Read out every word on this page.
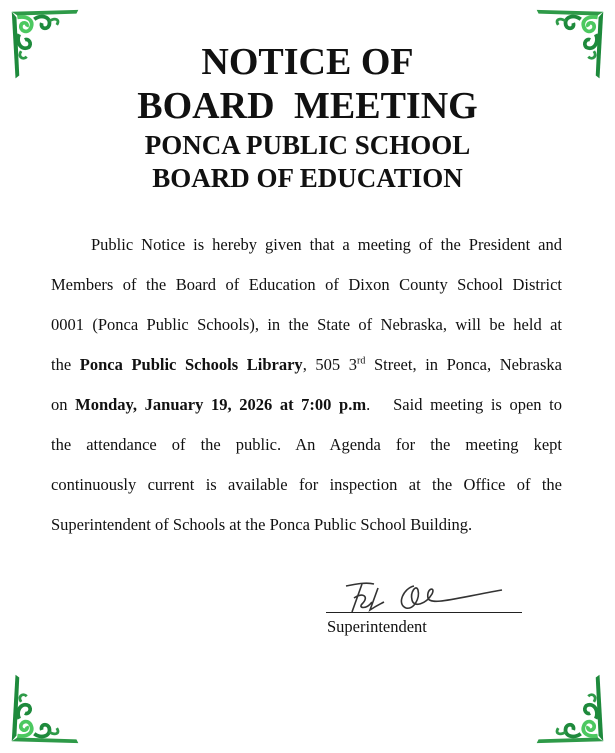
NOTICE OF
BOARD MEETING
PONCA PUBLIC SCHOOL
BOARD OF EDUCATION
Public Notice is hereby given that a meeting of the President and
Members of the Board of Education of Dixon County School District
0001 (Ponca Public Schools), in the State of Nebraska, will be held at
the Ponca Public Schools Library, 505 3rd Street, in Ponca, Nebraska
on Monday, January 19, 2026 at 7:00 p.m.   Said meeting is open to
the attendance of the public. An Agenda for the meeting kept
continuously current is available for inspection at the Office of the
Superintendent of Schools at the Ponca Public School Building.
Superintendent
